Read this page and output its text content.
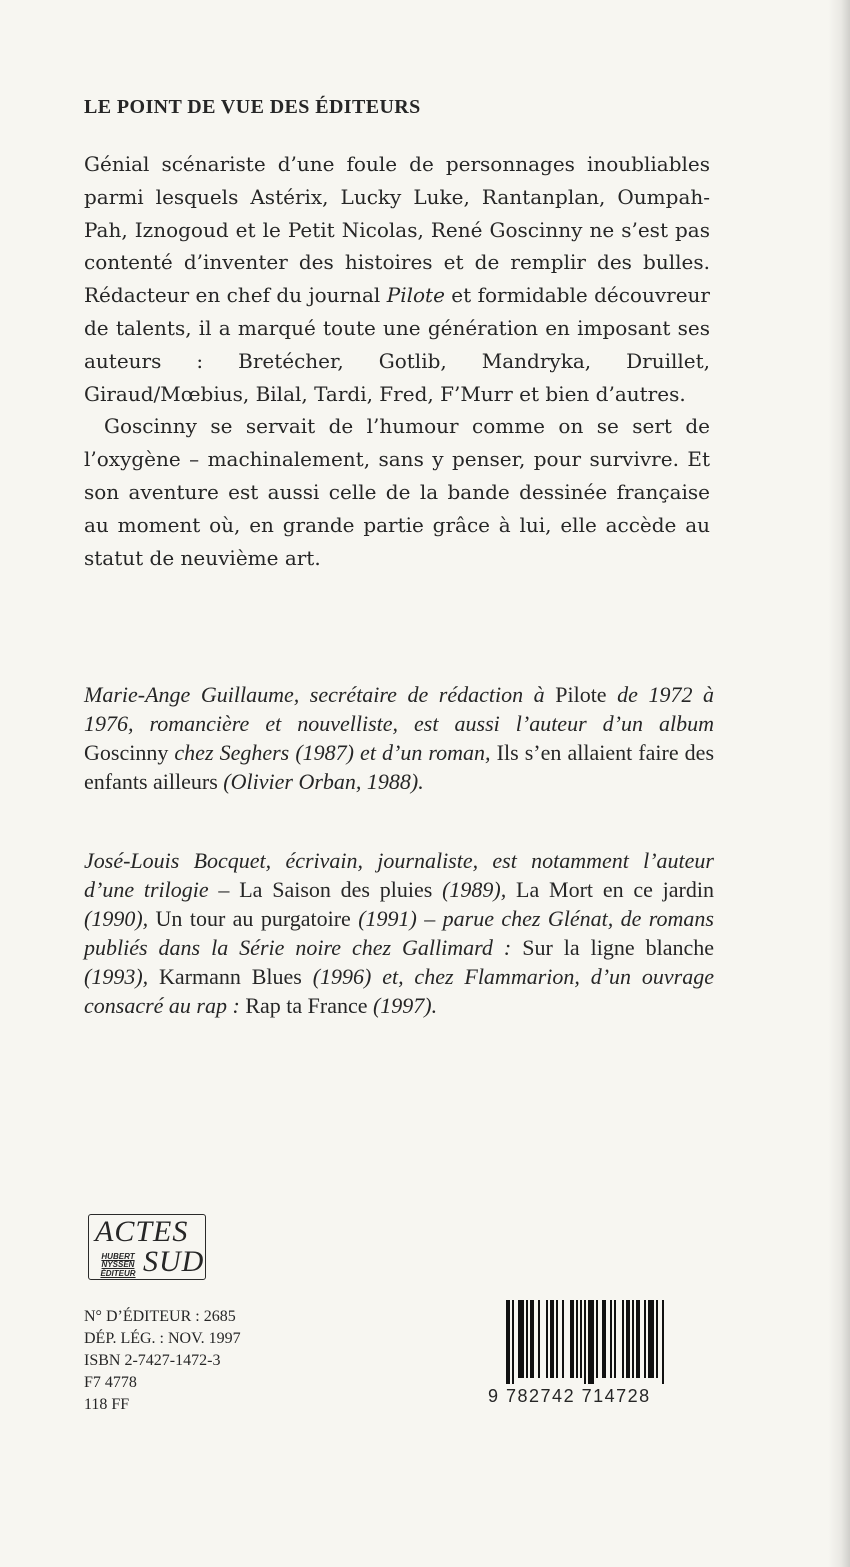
LE POINT DE VUE DES ÉDITEURS

Génial scénariste d’une foule de personnages inoubliables parmi lesquels Astérix, Lucky Luke, Rantanplan, Oumpah-Pah, Iznogoud et le Petit Nicolas, René Goscinny ne s’est pas contenté d’inventer des histoires et de remplir des bulles. Rédacteur en chef du journal Pilote et formidable découvreur de talents, il a marqué toute une génération en imposant ses auteurs : Bretécher, Gotlib, Mandryka, Druillet, Giraud/Mœbius, Bilal, Tardi, Fred, F’Murr et bien d’autres.

Goscinny se servait de l’humour comme on se sert de l’oxygène – machinalement, sans y penser, pour survivre. Et son aventure est aussi celle de la bande dessinée française au moment où, en grande partie grâce à lui, elle accède au statut de neuvième art.

Marie-Ange Guillaume, secrétaire de rédaction à Pilote de 1972 à 1976, romancière et nouvelliste, est aussi l’auteur d’un album Goscinny chez Seghers (1987) et d’un roman, Ils s’en allaient faire des enfants ailleurs (Olivier Orban, 1988).

José-Louis Bocquet, écrivain, journaliste, est notamment l’auteur d’une trilogie – La Saison des pluies (1989), La Mort en ce jardin (1990), Un tour au purgatoire (1991) – parue chez Glénat, de romans publiés dans la Série noire chez Gallimard : Sur la ligne blanche (1993), Karmann Blues (1996) et, chez Flammarion, d’un ouvrage consacré au rap : Rap ta France (1997).

ACTES
HUBERT
NYSSEN
ÉDITEUR SUD
N° D’ÉDITEUR : 2685
DÉP. LÉG. : NOV. 1997
ISBN 2-7427-1472-3
F7 4778
118 FF	9 782742 714728
